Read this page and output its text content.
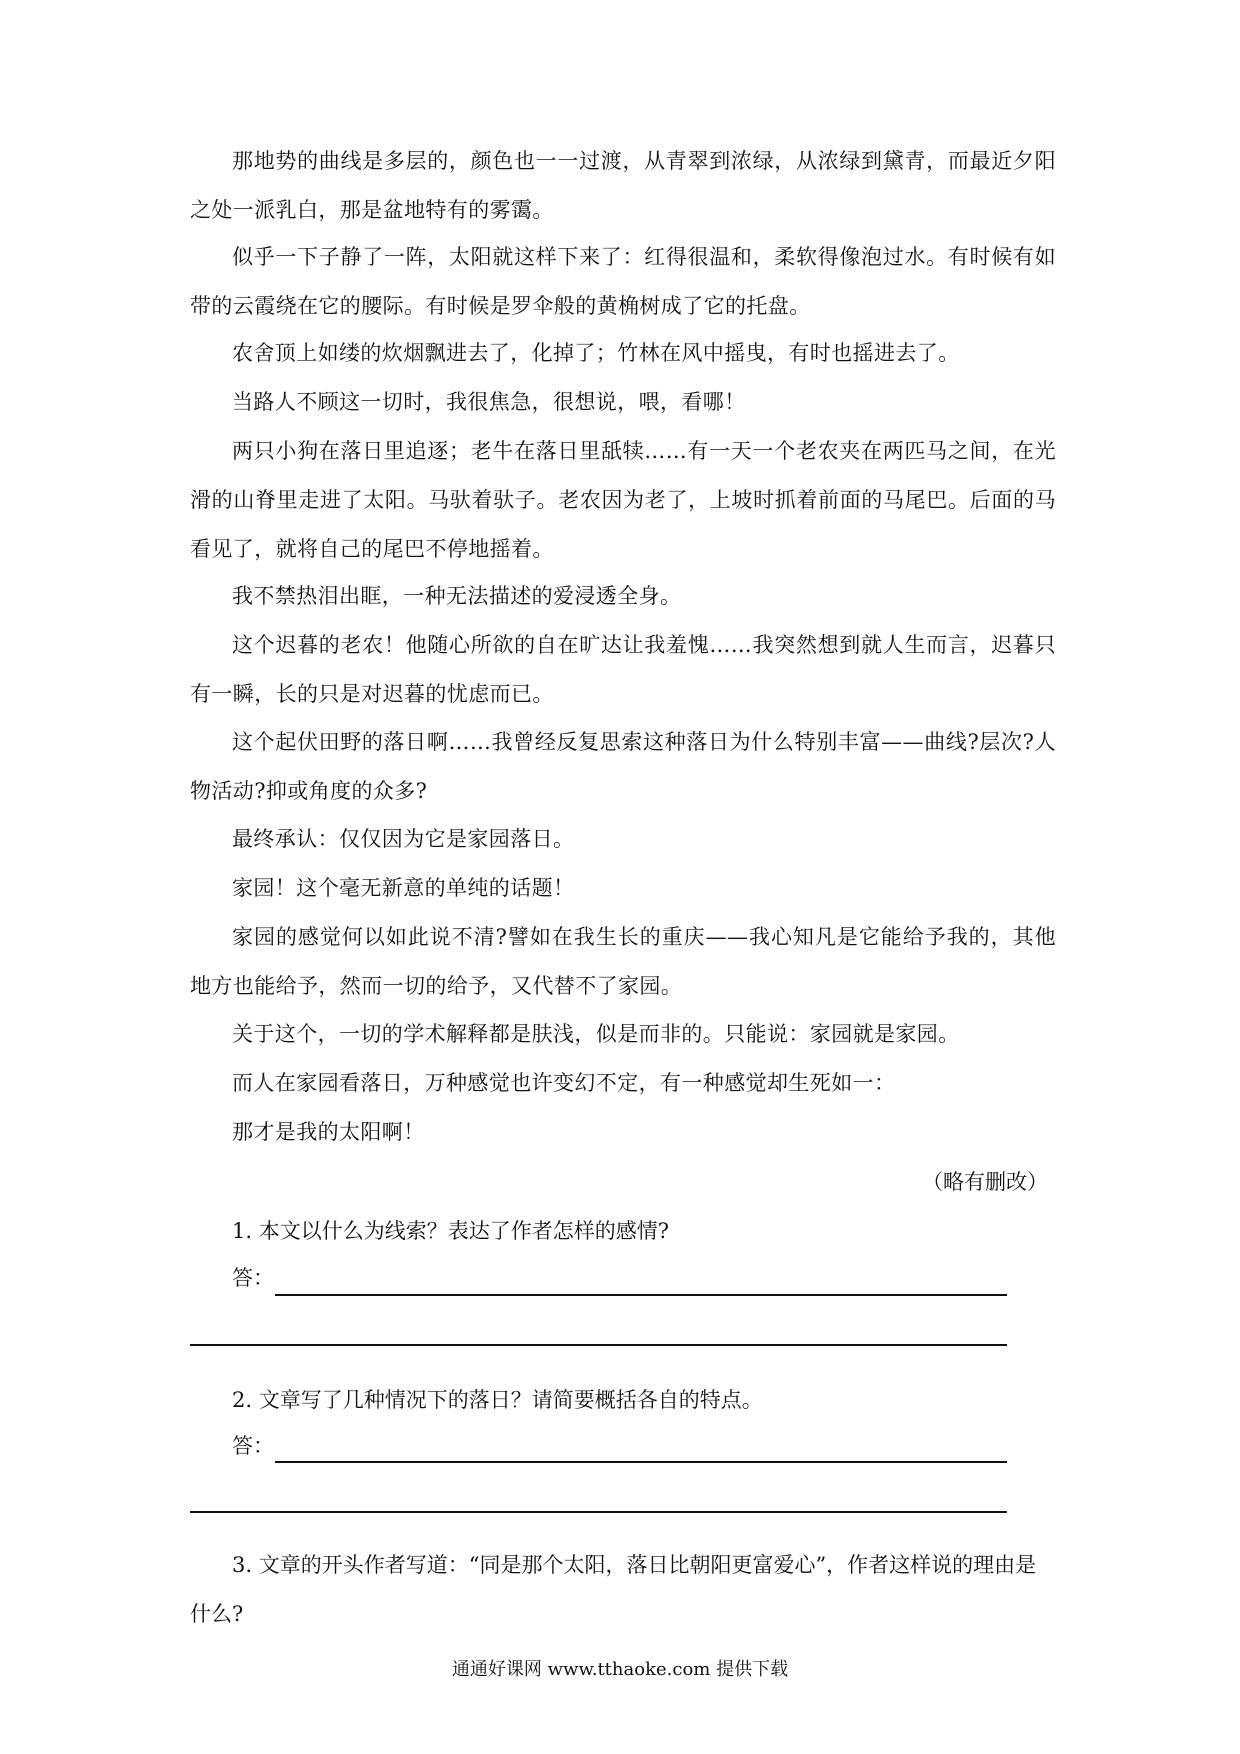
那地势的曲线是多层的，颜色也一一过渡，从青翠到浓绿，从浓绿到黛青，而最近夕阳之处一派乳白，那是盆地特有的雾霭。

似乎一下子静了一阵，太阳就这样下来了：红得很温和，柔软得像泡过水。有时候有如带的云霞绕在它的腰际。有时候是罗伞般的黄桷树成了它的托盘。

农舍顶上如缕的炊烟飘进去了，化掉了；竹林在风中摇曳，有时也摇进去了。

当路人不顾这一切时，我很焦急，很想说，喂，看哪！

两只小狗在落日里追逐；老牛在落日里舐犊……有一天一个老农夹在两匹马之间，在光滑的山脊里走进了太阳。马驮着驮子。老农因为老了，上坡时抓着前面的马尾巴。后面的马看见了，就将自己的尾巴不停地摇着。

我不禁热泪出眶，一种无法描述的爱浸透全身。

这个迟暮的老农！他随心所欲的自在旷达让我羞愧……我突然想到就人生而言，迟暮只有一瞬，长的只是对迟暮的忧虑而已。

这个起伏田野的落日啊……我曾经反复思索这种落日为什么特别丰富——曲线?层次?人物活动?抑或角度的众多?

最终承认：仅仅因为它是家园落日。

家园！这个毫无新意的单纯的话题！

家园的感觉何以如此说不清?譬如在我生长的重庆——我心知凡是它能给予我的，其他地方也能给予，然而一切的给予，又代替不了家园。

关于这个，一切的学术解释都是肤浅，似是而非的。只能说：家园就是家园。

而人在家园看落日，万种感觉也许变幻不定，有一种感觉却生死如一：

那才是我的太阳啊！

（略有删改）

1. 本文以什么为线索？表达了作者怎样的感情?

答：

2. 文章写了几种情况下的落日？请简要概括各自的特点。

答：

3. 文章的开头作者写道：“同是那个太阳，落日比朝阳更富爱心”，作者这样说的理由是什么?

通通好课网 www.tthaoke.com 提供下载
